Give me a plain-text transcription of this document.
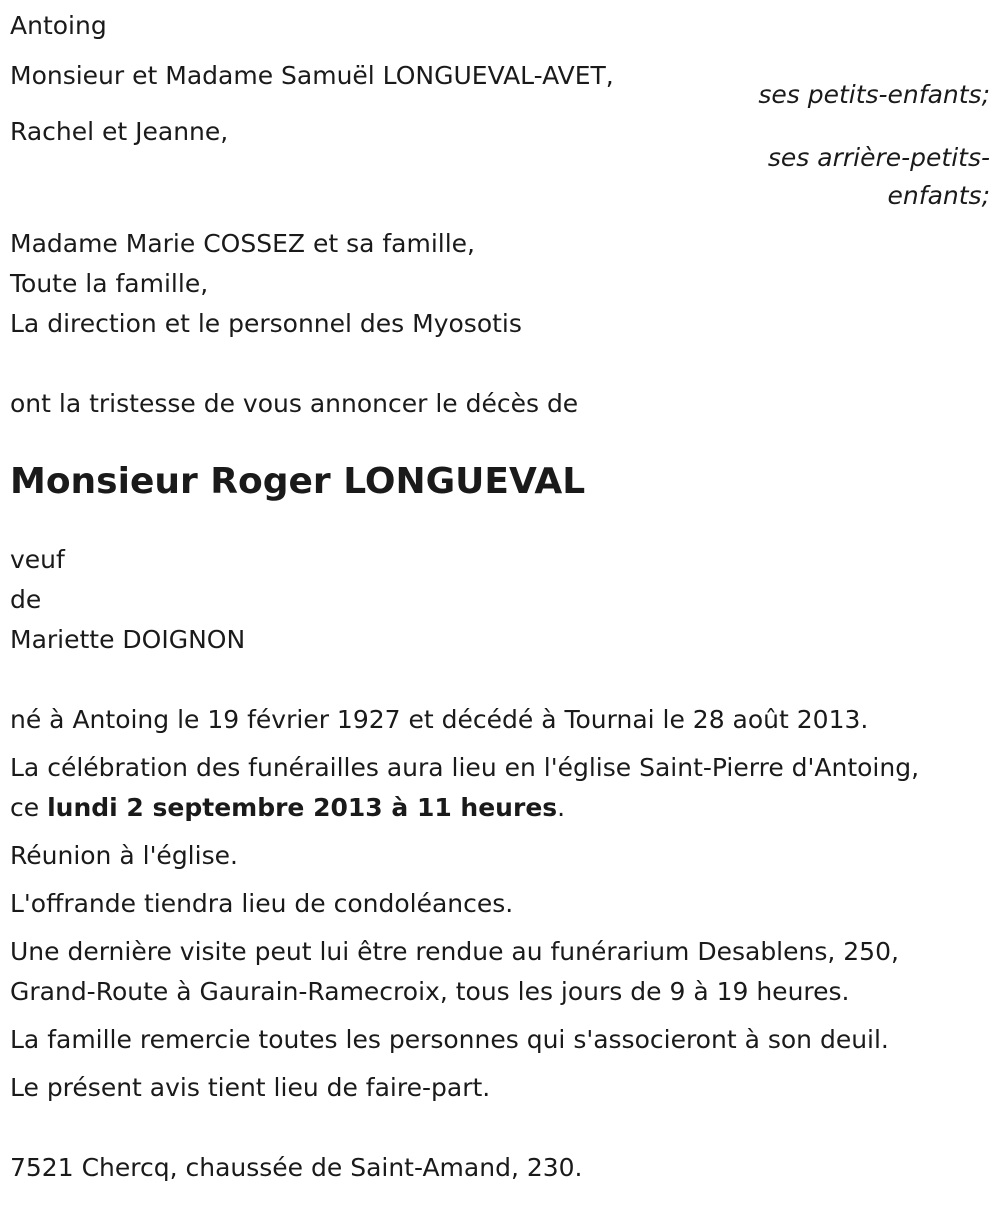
Antoing
Monsieur et Madame Samuël LONGUEVAL-AVET,
ses petits-enfants;
Rachel et Jeanne,
ses arrière-petits-
enfants;
Madame Marie COSSEZ et sa famille,
Toute la famille,
La direction et le personnel des Myosotis
ont la tristesse de vous annoncer le décès de
Monsieur Roger LONGUEVAL
veuf
de
Mariette DOIGNON
né à Antoing le 19 février 1927 et décédé à Tournai le 28 août 2013.
La célébration des funérailles aura lieu en l'église Saint-Pierre d'Antoing,
ce lundi 2 septembre 2013 à 11 heures.
Réunion à l'église.
L'offrande tiendra lieu de condoléances.
Une dernière visite peut lui être rendue au funérarium Desablens, 250,
Grand-Route à Gaurain-Ramecroix, tous les jours de 9 à 19 heures.
La famille remercie toutes les personnes qui s'associeront à son deuil.
Le présent avis tient lieu de faire-part.
7521 Chercq, chaussée de Saint-Amand, 230.
